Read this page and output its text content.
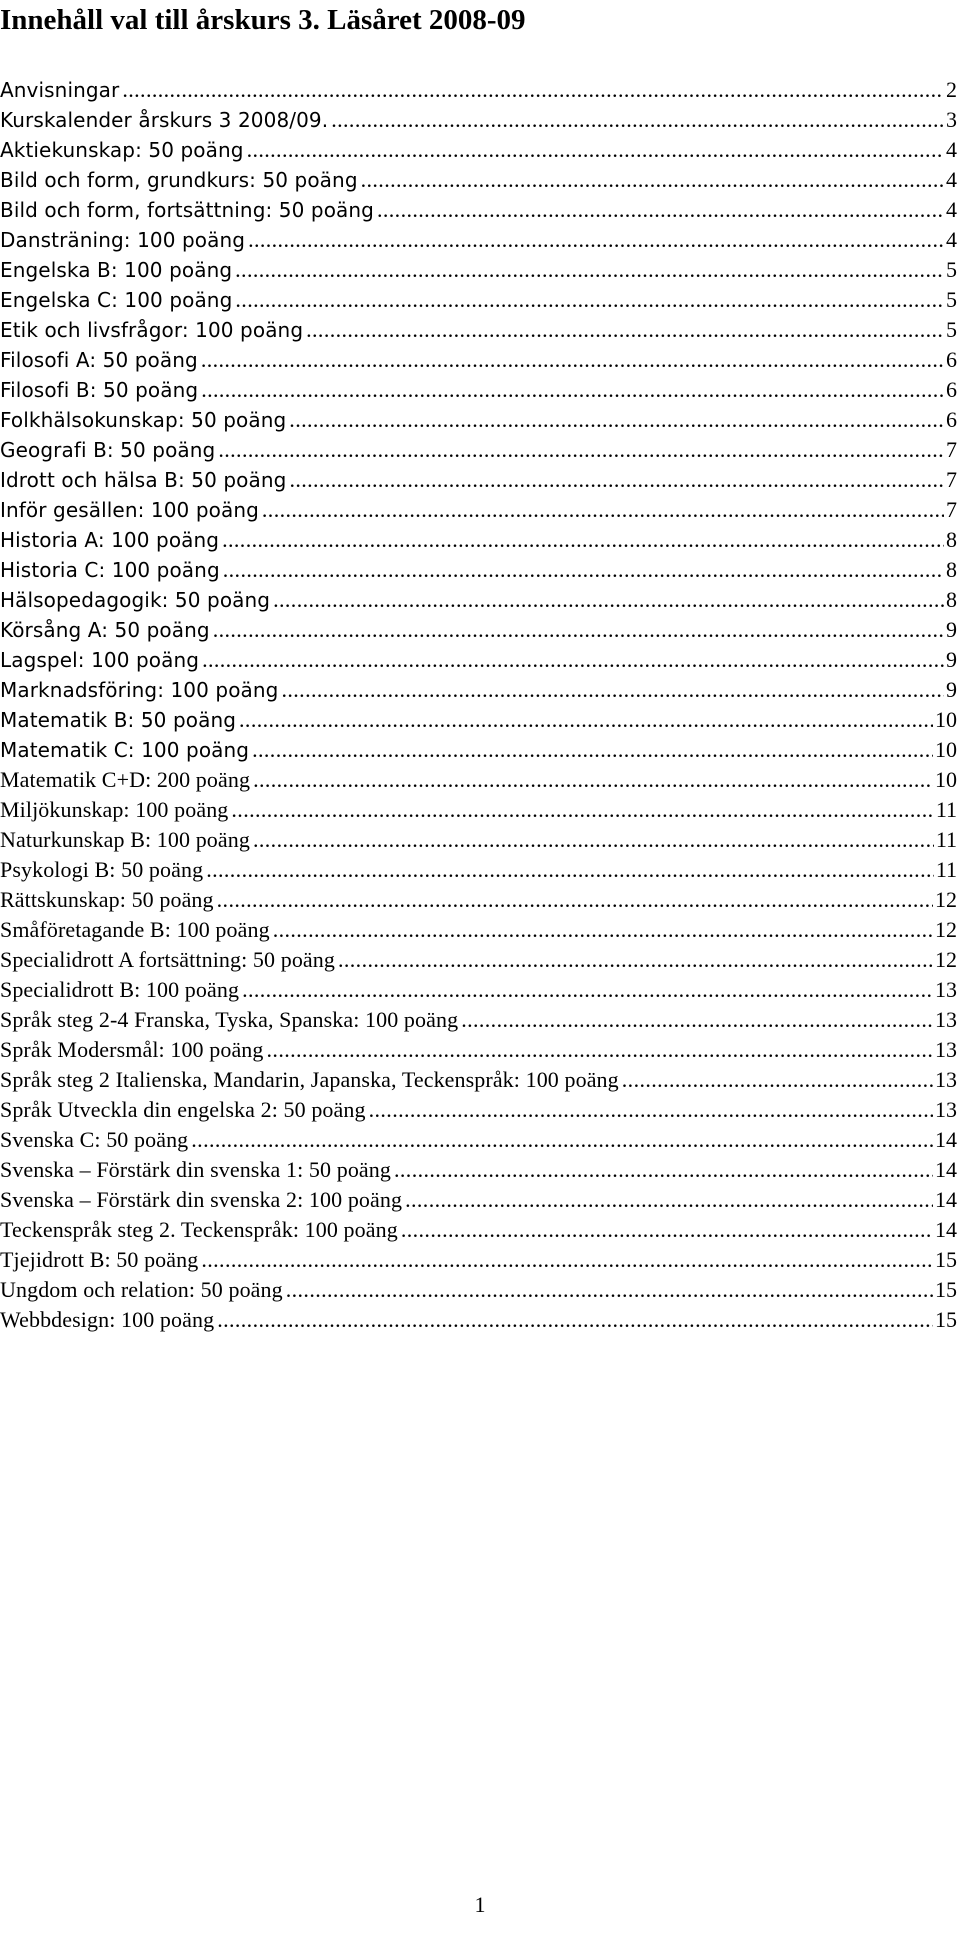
Innehåll val till årskurs 3. Läsåret 2008-09
Anvisningar .....	2
Kurskalender årskurs 3 2008/09. .....	3
Aktiekunskap: 50 poäng .....	4
Bild och form, grundkurs: 50 poäng .....	4
Bild och form, fortsättning: 50 poäng .....	4
Dansträning: 100 poäng .....	4
Engelska B: 100 poäng .....	5
Engelska C: 100 poäng .....	5
Etik och livsfrågor: 100 poäng .....	5
Filosofi A: 50 poäng .....	6
Filosofi B: 50 poäng .....	6
Folkhälsokunskap: 50 poäng .....	6
Geografi B: 50 poäng .....	7
Idrott och hälsa B: 50 poäng .....	7
Inför gesällen: 100 poäng .....	7
Historia A: 100 poäng .....	8
Historia C: 100 poäng .....	8
Hälsopedagogik: 50 poäng .....	8
Körsång A: 50 poäng .....	9
Lagspel: 100 poäng .....	9
Marknadsföring: 100 poäng .....	9
Matematik B: 50 poäng .....	10
Matematik C: 100 poäng .....	10
Matematik C+D: 200 poäng .....	10
Miljökunskap: 100 poäng .....	11
Naturkunskap B: 100 poäng .....	11
Psykologi B: 50 poäng .....	11
Rättskunskap: 50 poäng .....	12
Småföretagande B: 100 poäng .....	12
Specialidrott A fortsättning: 50 poäng .....	12
Specialidrott B: 100 poäng .....	13
Språk steg 2-4 Franska, Tyska, Spanska: 100 poäng .....	13
Språk Modersmål: 100 poäng .....	13
Språk steg 2 Italienska, Mandarin, Japanska, Teckenspråk: 100 poäng .....	13
Språk Utveckla din engelska 2: 50 poäng .....	13
Svenska C: 50 poäng .....	14
Svenska – Förstärk din svenska 1: 50 poäng .....	14
Svenska – Förstärk din svenska 2: 100 poäng .....	14
Teckenspråk steg 2. Teckenspråk: 100 poäng .....	14
Tjejidrott B: 50 poäng .....	15
Ungdom och relation: 50 poäng .....	15
Webbdesign: 100 poäng .....	15
1
